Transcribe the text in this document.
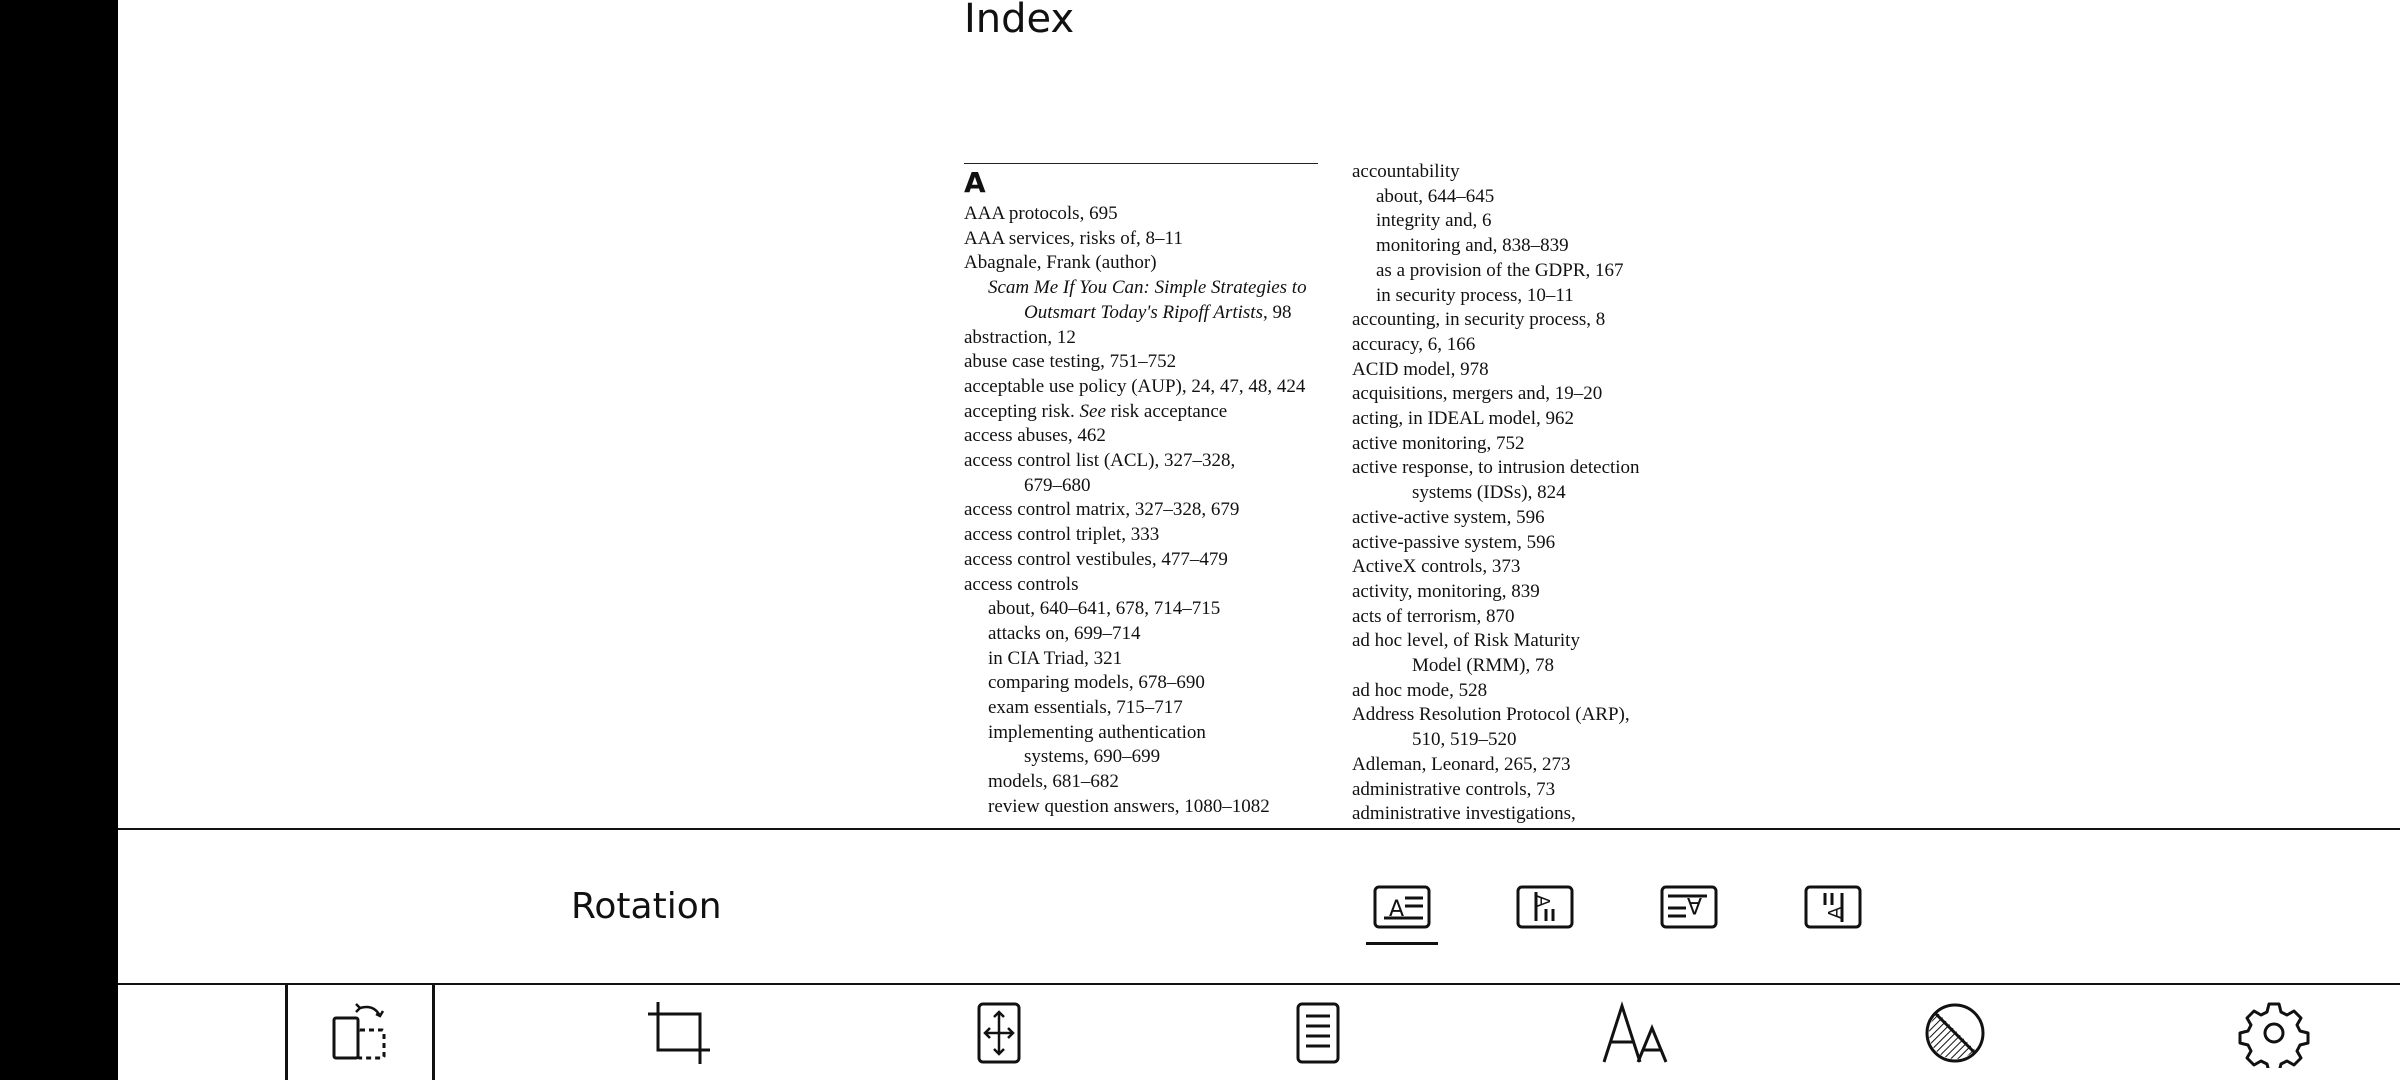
Index
A
AAA protocols, 695
AAA services, risks of, 8–11
Abagnale, Frank (author)
Scam Me If You Can: Simple Strategies to
Outsmart Today's Ripoff Artists, 98
abstraction, 12
abuse case testing, 751–752
acceptable use policy (AUP), 24, 47, 48, 424
accepting risk. See risk acceptance
access abuses, 462
access control list (ACL), 327–328,
679–680
access control matrix, 327–328, 679
access control triplet, 333
access control vestibules, 477–479
access controls
about, 640–641, 678, 714–715
attacks on, 699–714
in CIA Triad, 321
comparing models, 678–690
exam essentials, 715–717
implementing authentication
systems, 690–699
models, 681–682
review question answers, 1080–1082
accountability
about, 644–645
integrity and, 6
monitoring and, 838–839
as a provision of the GDPR, 167
in security process, 10–11
accounting, in security process, 8
accuracy, 6, 166
ACID model, 978
acquisitions, mergers and, 19–20
acting, in IDEAL model, 962
active monitoring, 752
active response, to intrusion detection
systems (IDSs), 824
active-active system, 596
active-passive system, 596
ActiveX controls, 373
activity, monitoring, 839
acts of terrorism, 870
ad hoc level, of Risk Maturity
Model (RMM), 78
ad hoc mode, 528
Address Resolution Protocol (ARP),
510, 519–520
Adleman, Leonard, 265, 273
administrative controls, 73
administrative investigations,
Rotation	A	A	A	A
